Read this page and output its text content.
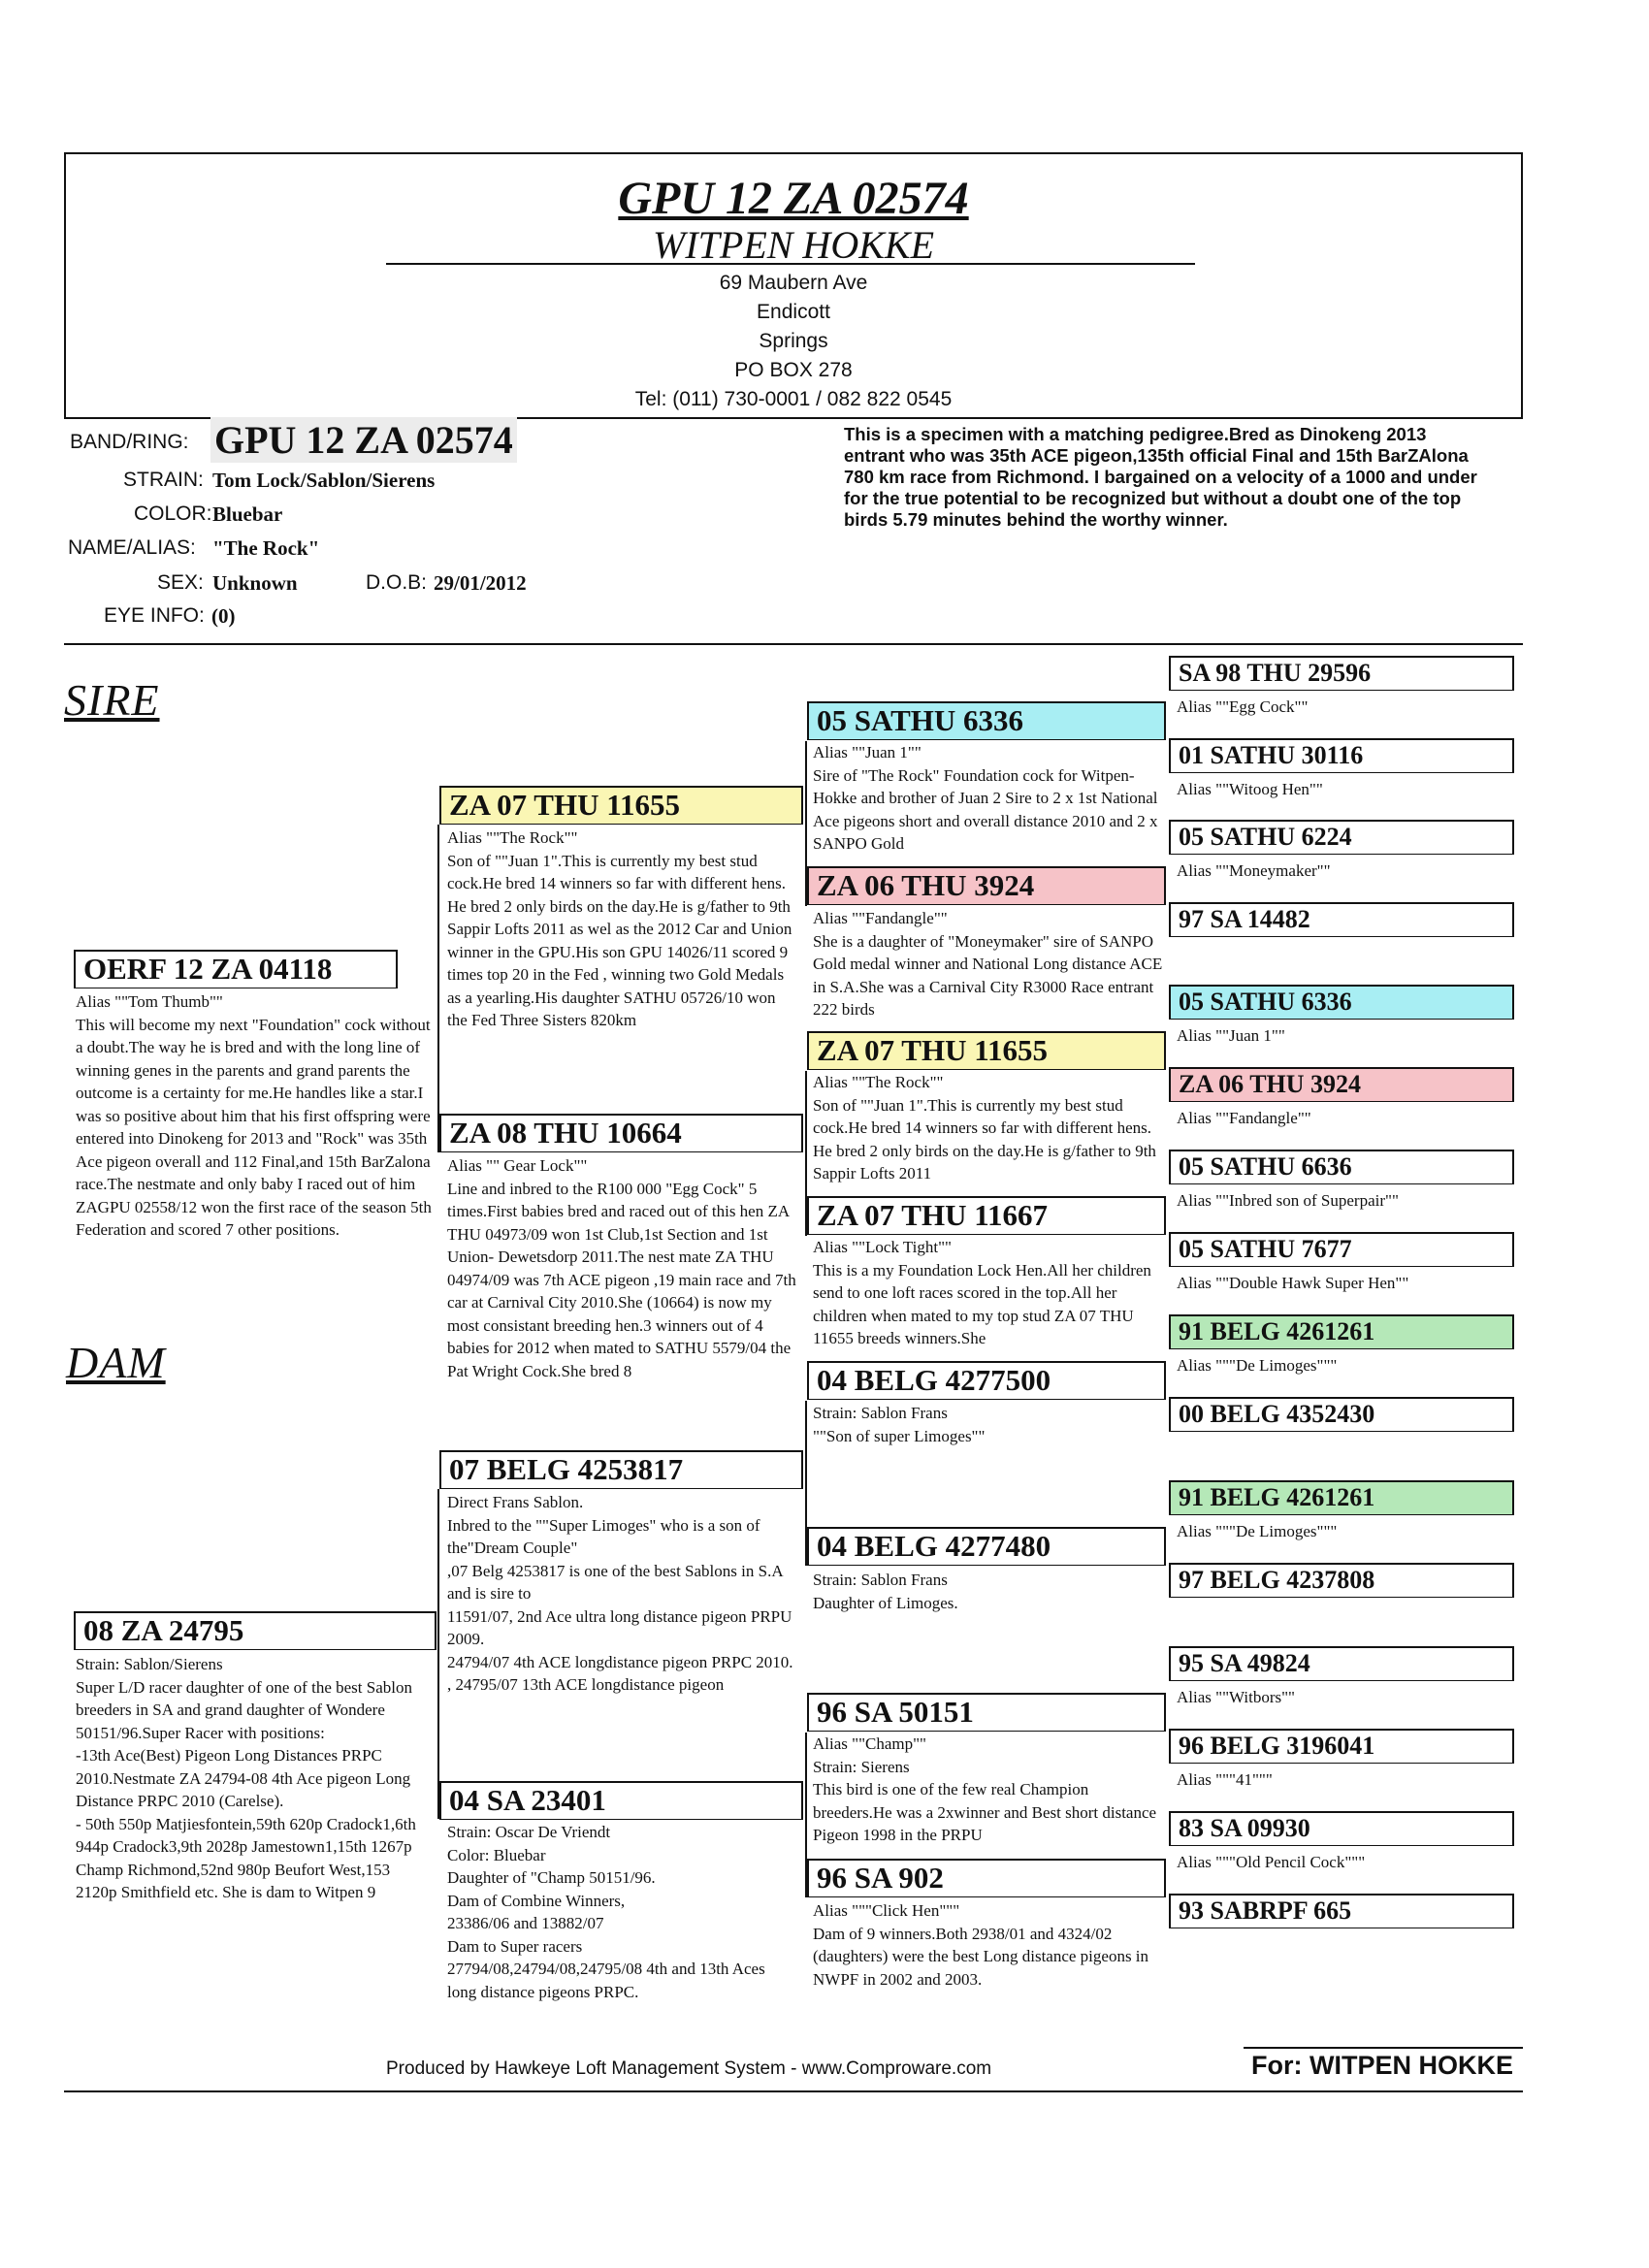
GPU 12 ZA 02574
WITPEN HOKKE
69 Maubern Ave
Endicott
Springs
PO BOX 278
Tel: (011) 730-0001 / 082 822 0545
BAND/RING: GPU 12 ZA 02574
STRAIN: Tom Lock/Sablon/Sierens
COLOR: Bluebar
NAME/ALIAS: "The Rock"
SEX: Unknown	D.O.B: 29/01/2012
EYE INFO: (0)
This is a specimen with a matching pedigree.Bred as Dinokeng 2013 entrant who was 35th ACE pigeon,135th official Final and 15th BarZAlona 780 km race from Richmond. I bargained on a velocity of a 1000 and under for the true potential to be recognized but without a doubt one of the top birds 5.79 minutes behind the worthy winner.
SIRE
DAM
OERF 12 ZA 04118
Alias ""Tom Thumb""
This will become my next "Foundation" cock without a doubt.The way he is bred and with the long line of winning genes in the parents and grand parents the outcome is a certainty for me.He handles like a star.I was so positive about him that his first offspring were entered into Dinokeng for 2013 and "Rock" was 35th Ace pigeon overall and 112 Final,and 15th BarZalona race.The nestmate and only baby I raced out of him ZAGPU 02558/12 won the first race of the season 5th Federation and scored 7 other positions.
08 ZA 24795
Strain: Sablon/Sierens
Super L/D racer daughter of one of the best Sablon breeders in SA and grand daughter of Wondere 50151/96.Super Racer with positions:
-13th Ace(Best) Pigeon Long Distances PRPC 2010.Nestmate ZA 24794-08 4th Ace pigeon Long Distance PRPC 2010 (Carelse).
- 50th 550p Matjiesfontein,59th 620p Cradock1,6th 944p Cradock3,9th 2028p Jamestown1,15th 1267p Champ Richmond,52nd 980p Beufort West,153 2120p Smithfield etc. She is dam to Witpen 9
ZA 07 THU 11655
Alias ""The Rock""
Son of ""Juan 1".This is currently my best stud cock.He bred 14 winners so far with different hens. He bred 2 only birds on the day.He is g/father to 9th Sappir Lofts 2011 as wel as the 2012 Car and Union winner in the GPU.His son GPU 14026/11 scored 9 times top 20 in the Fed , winning two Gold Medals as a yearling.His daughter SATHU 05726/10 won the Fed Three Sisters 820km
ZA 08 THU 10664
Alias "" Gear Lock""
Line and inbred to the R100 000 "Egg Cock" 5 times.First babies bred and raced out of this hen ZA THU 04973/09 won 1st Club,1st Section and 1st Union- Dewetsdorp 2011.The nest mate ZA THU 04974/09 was 7th ACE pigeon ,19 main race and 7th car at Carnival City 2010.She (10664) is now my most consistant breeding hen.3 winners out of 4 babies for 2012 when mated to SATHU 5579/04 the Pat Wright Cock.She bred 8
07 BELG 4253817
Direct Frans Sablon.
Inbred to the ""Super Limoges" who is a son of the"Dream Couple"
,07 Belg 4253817 is one of the best Sablons in S.A and is sire to
11591/07, 2nd Ace ultra long distance pigeon PRPU 2009.
24794/07 4th ACE longdistance pigeon PRPC 2010.
, 24795/07 13th ACE longdistance pigeon
04 SA 23401
Strain: Oscar De Vriendt
Color: Bluebar
Daughter of "Champ 50151/96.
Dam of Combine Winners,
23386/06 and 13882/07
Dam to Super racers
27794/08,24794/08,24795/08 4th and 13th Aces long distance pigeons PRPC.
05 SATHU 6336
Alias ""Juan 1""
Sire of "The Rock" Foundation cock for Witpen-Hokke and brother of Juan 2 Sire to 2 x 1st National Ace pigeons short and overall distance 2010 and 2 x SANPO Gold
ZA 06 THU 3924
Alias ""Fandangle""
She is a daughter of "Moneymaker" sire of SANPO Gold medal winner and National Long distance ACE in S.A.She was a Carnival City R3000 Race entrant 222 birds
ZA 07 THU 11655
Alias ""The Rock""
Son of ""Juan 1".This is currently my best stud cock.He bred 14 winners so far with different hens. He bred 2 only birds on the day.He is g/father to 9th Sappir Lofts 2011
ZA 07 THU 11667
Alias ""Lock Tight""
This is a my Foundation Lock Hen.All her children send to one loft races scored in the top.All her children when mated to my top stud ZA 07 THU 11655 breeds winners.She
04 BELG 4277500
Strain: Sablon Frans
""Son of super Limoges""
04 BELG 4277480
Strain: Sablon Frans
Daughter of Limoges.
96 SA 50151
Alias ""Champ""
Strain: Sierens
This bird is one of the few real Champion breeders.He was a 2xwinner and Best short distance Pigeon 1998 in the PRPU
96 SA 902
Alias """Click Hen"""
Dam of 9 winners.Both 2938/01 and 4324/02 (daughters) were the best Long distance pigeons in NWPF in 2002 and 2003.
SA 98 THU 29596
Alias ""Egg Cock""
01 SATHU 30116
Alias ""Witoog Hen""
05 SATHU 6224
Alias ""Moneymaker""
97 SA 14482
05 SATHU 6336
Alias ""Juan 1""
ZA 06 THU 3924
Alias ""Fandangle""
05 SATHU 6636
Alias ""Inbred son of Superpair""
05 SATHU 7677
Alias ""Double Hawk Super Hen""
91 BELG 4261261
Alias """De Limoges"""
00 BELG 4352430
91 BELG 4261261
Alias """De Limoges"""
97 BELG 4237808
95 SA 49824
Alias ""Witbors""
96 BELG 3196041
Alias """41"""
83 SA 09930
Alias """Old Pencil Cock"""
93 SABRPF 665
Produced by Hawkeye Loft Management System - www.Comproware.com	For: WITPEN HOKKE
